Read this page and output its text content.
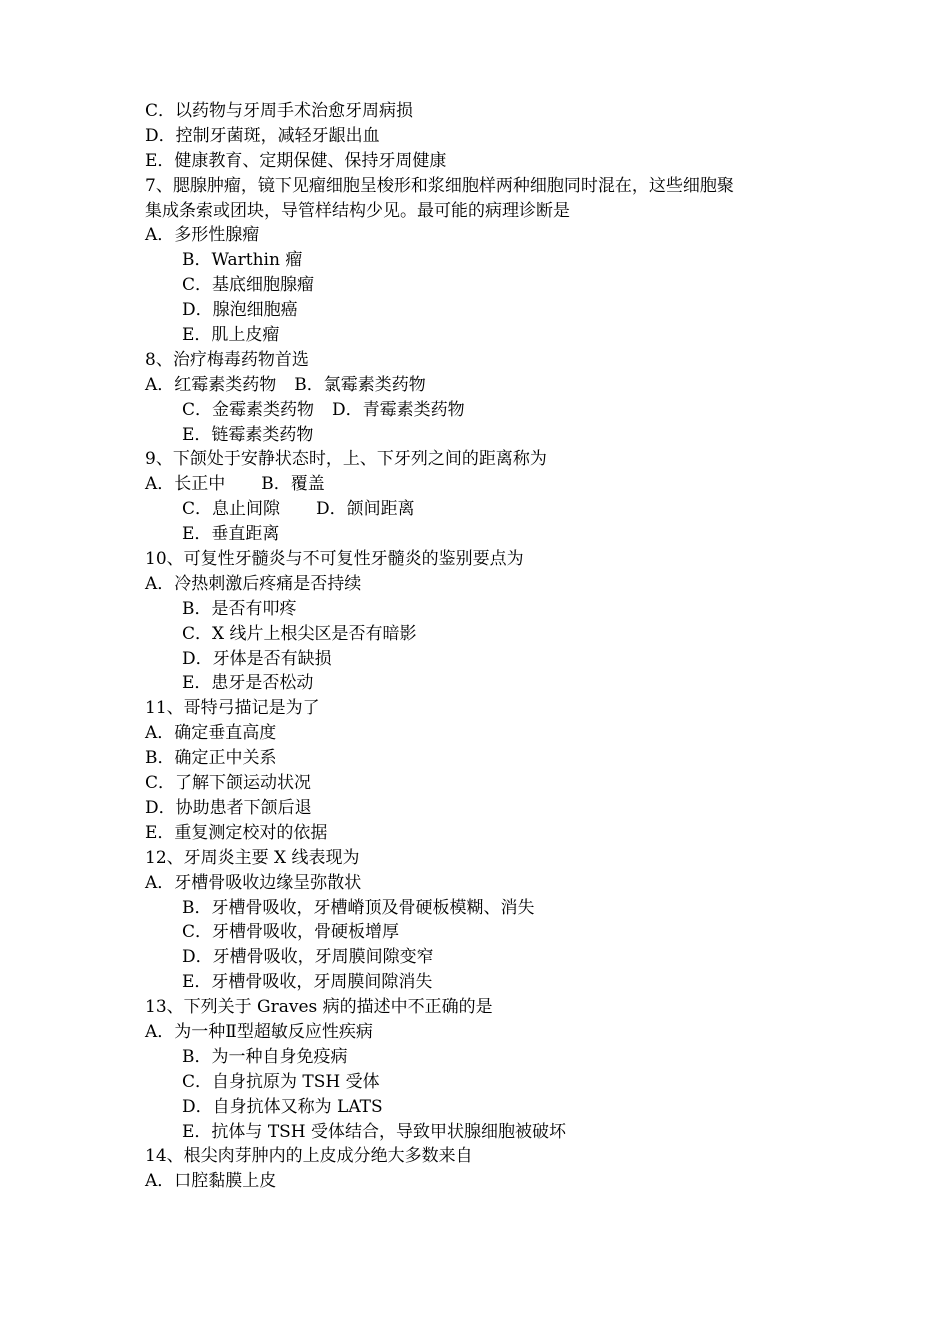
C．以药物与牙周手术治愈牙周病损
D．控制牙菌斑，减轻牙龈出血
E．健康教育、定期保健、保持牙周健康
7、腮腺肿瘤，镜下见瘤细胞呈梭形和浆细胞样两种细胞同时混在，这些细胞聚
集成条索或团块，导管样结构少见。最可能的病理诊断是
A．多形性腺瘤
B．Warthin 瘤
C．基底细胞腺瘤
D．腺泡细胞癌
E．肌上皮瘤
8、治疗梅毒药物首选
A．红霉素类药物 B．氯霉素类药物
C．金霉素类药物 D．青霉素类药物
E．链霉素类药物
9、下颌处于安静状态时，上、下牙列之间的距离称为
A．长正中 B．覆盖
C．息止间隙 D．颌间距离
E．垂直距离
10、可复性牙髓炎与不可复性牙髓炎的鉴别要点为
A．冷热刺激后疼痛是否持续
B．是否有叩疼
C．X 线片上根尖区是否有暗影
D．牙体是否有缺损
E．患牙是否松动
11、哥特弓描记是为了
A．确定垂直高度
B．确定正中关系
C．了解下颌运动状况
D．协助患者下颌后退
E．重复测定校对的依据
12、牙周炎主要 X 线表现为
A．牙槽骨吸收边缘呈弥散状
B．牙槽骨吸收，牙槽嵴顶及骨硬板模糊、消失
C．牙槽骨吸收，骨硬板增厚
D．牙槽骨吸收，牙周膜间隙变窄
E．牙槽骨吸收，牙周膜间隙消失
13、下列关于 Graves 病的描述中不正确的是
A．为一种Ⅱ型超敏反应性疾病
B．为一种自身免疫病
C．自身抗原为 TSH 受体
D．自身抗体又称为 LATS
E．抗体与 TSH 受体结合，导致甲状腺细胞被破坏
14、根尖肉芽肿内的上皮成分绝大多数来自
A．口腔黏膜上皮
